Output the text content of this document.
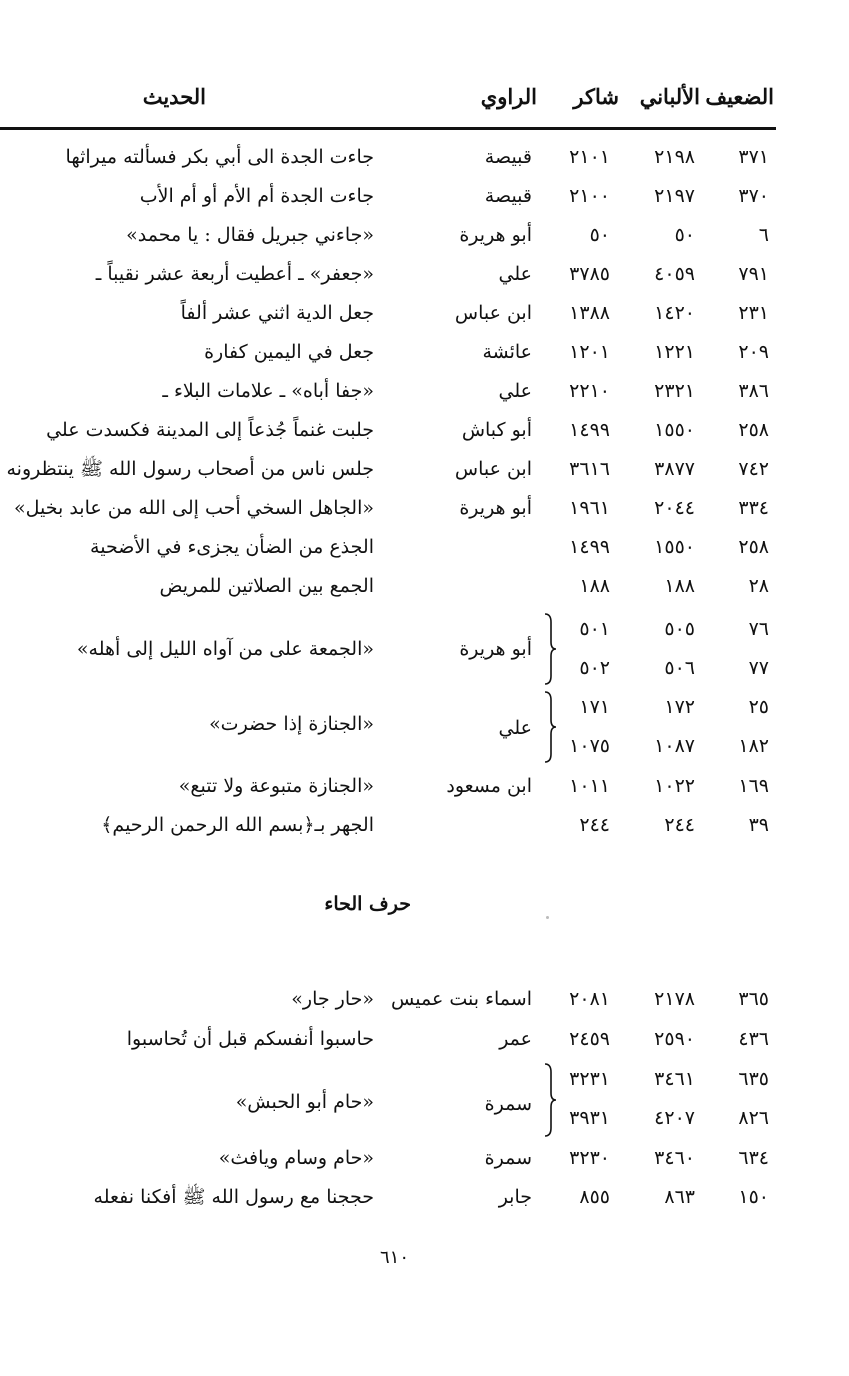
الضعيف
الألباني
شاكر
الراوي
الحديث
٣٧١
٢١٩٨
٢١٠١
قبيصة
جاءت الجدة الى أبي بكر فسألته ميراثها
٣٧٠
٢١٩٧
٢١٠٠
قبيصة
جاءت الجدة أم الأم أو أم الأب
٦
٥٠
٥٠
أبو هريرة
«جاءني جبريل فقال : يا محمد»
٧٩١
٤٠٥٩
٣٧٨٥
علي
«جعفر» ـ أعطيت أربعة عشر نقيباً ـ
٢٣١
١٤٢٠
١٣٨٨
ابن عباس
جعل الدية اثني عشر ألفاً
٢٠٩
١٢٢١
١٢٠١
عائشة
جعل في اليمين كفارة
٣٨٦
٢٣٢١
٢٢١٠
علي
«جفا أباه» ـ علامات البلاء ـ
٢٥٨
١٥٥٠
١٤٩٩
أبو كباش
جلبت غنماً جُذعاً إلى المدينة فكسدت علي
٧٤٢
٣٨٧٧
٣٦١٦
ابن عباس
جلس ناس من أصحاب رسول الله ﷺ ينتظرونه
٣٣٤
٢٠٤٤
١٩٦١
أبو هريرة
«الجاهل السخي أحب إلى الله من عابد بخيل»
٢٥٨
١٥٥٠
١٤٩٩
الجذع من الضأن يجزىء في الأضحية
٢٨
١٨٨
١٨٨
الجمع بين الصلاتين للمريض
أبو هريرة
«الجمعة على من آواه الليل إلى أهله»
٧٦
٥٠٥
٥٠١
٧٧
٥٠٦
٥٠٢
علي
«الجنازة إذا حضرت»
٢٥
١٧٢
١٧١
١٨٢
١٠٨٧
١٠٧٥
١٦٩
١٠٢٢
١٠١١
ابن مسعود
«الجنازة متبوعة ولا تتبع»
٣٩
٢٤٤
٢٤٤
الجهر بـ﴿بسم الله الرحمن الرحيم﴾
حرف الحاء
٣٦٥
٢١٧٨
٢٠٨١
اسماء بنت عميس
«حار جار»
٤٣٦
٢٥٩٠
٢٤٥٩
عمر
حاسبوا أنفسكم قبل أن تُحاسبوا
سمرة
«حام أبو الحبش»
٦٣٥
٣٤٦١
٣٢٣١
٨٢٦
٤٢٠٧
٣٩٣١
٦٣٤
٣٤٦٠
٣٢٣٠
سمرة
«حام وسام ويافث»
١٥٠
٨٦٣
٨٥٥
جابر
حججنا مع رسول الله ﷺ أفكنا نفعله
٦١٠
